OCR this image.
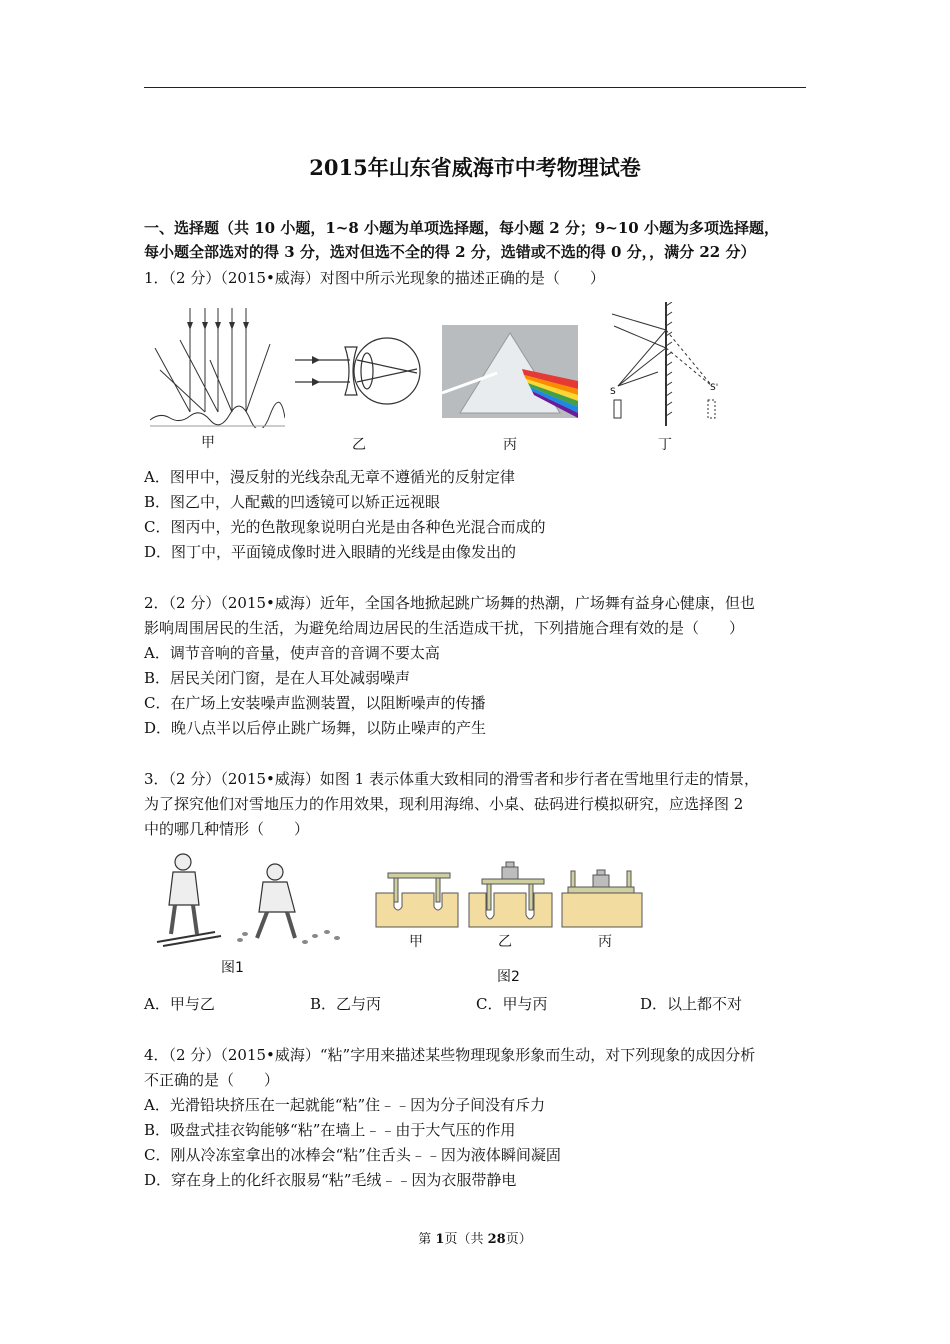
2015年山东省威海市中考物理试卷
一、选择题（共 10 小题，1~8 小题为单项选择题，每小题 2 分；9~10 小题为多项选择题，
每小题全部选对的得 3 分，选对但选不全的得 2 分，选错或不选的得 0 分，，满分 22 分）
1．（2 分）（2015•威海）对图中所示光现象的描述正确的是（　　）
S	S'
甲	乙	丙	丁
A．图甲中，漫反射的光线杂乱无章不遵循光的反射定律
B．图乙中，人配戴的凹透镜可以矫正远视眼
C．图丙中，光的色散现象说明白光是由各种色光混合而成的
D．图丁中，平面镜成像时进入眼睛的光线是由像发出的
2．（2 分）（2015•威海）近年，全国各地掀起跳广场舞的热潮，广场舞有益身心健康，但也
影响周围居民的生活，为避免给周边居民的生活造成干扰，下列措施合理有效的是（　　）
A．调节音响的音量，使声音的音调不要太高
B．居民关闭门窗，是在人耳处减弱噪声
C．在广场上安装噪声监测装置，以阻断噪声的传播
D．晚八点半以后停止跳广场舞，以防止噪声的产生
3．（2 分）（2015•威海）如图 1 表示体重大致相同的滑雪者和步行者在雪地里行走的情景，
为了探究他们对雪地压力的作用效果，现利用海绵、小桌、砝码进行模拟研究，应选择图 2
中的哪几种情形（　　）
图1
甲	乙	丙
图2
A．甲与乙	B．乙与丙	C．甲与丙	D．以上都不对
4．（2 分）（2015•威海）“粘”字用来描述某些物理现象形象而生动，对下列现象的成因分析
不正确的是（　　）
A．光滑铅块挤压在一起就能“粘”住﹣﹣因为分子间没有斥力
B．吸盘式挂衣钩能够“粘”在墙上﹣﹣由于大气压的作用
C．刚从冷冻室拿出的冰棒会“粘”住舌头﹣﹣因为液体瞬间凝固
D．穿在身上的化纤衣服易“粘”毛绒﹣﹣因为衣服带静电
第 1页（共 28页）
